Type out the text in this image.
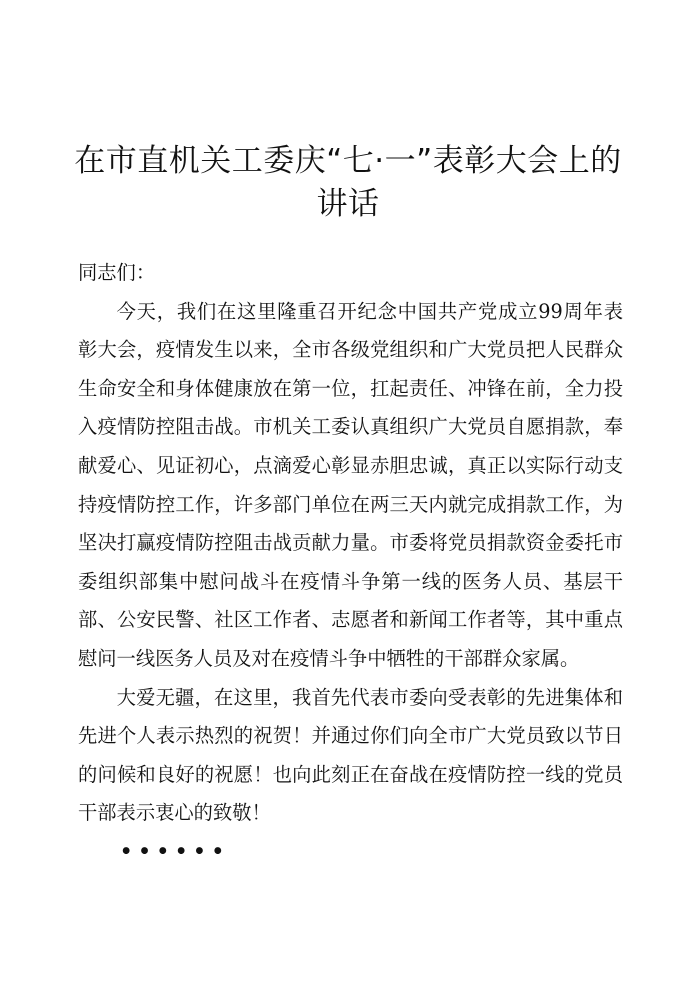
在市直机关工委庆“七·一”表彰大会上的讲话

同志们：

今天，我们在这里隆重召开纪念中国共产党成立99周年表彰大会，疫情发生以来，全市各级党组织和广大党员把人民群众生命安全和身体健康放在第一位，扛起责任、冲锋在前，全力投入疫情防控阻击战。市机关工委认真组织广大党员自愿捐款，奉献爱心、见证初心，点滴爱心彰显赤胆忠诚，真正以实际行动支持疫情防控工作，许多部门单位在两三天内就完成捐款工作，为坚决打赢疫情防控阻击战贡献力量。市委将党员捐款资金委托市委组织部集中慰问战斗在疫情斗争第一线的医务人员、基层干部、公安民警、社区工作者、志愿者和新闻工作者等，其中重点慰问一线医务人员及对在疫情斗争中牺牲的干部群众家属。

大爱无疆，在这里，我首先代表市委向受表彰的先进集体和先进个人表示热烈的祝贺！并通过你们向全市广大党员致以节日的问候和良好的祝愿！也向此刻正在奋战在疫情防控一线的党员干部表示衷心的致敬！

••••••
